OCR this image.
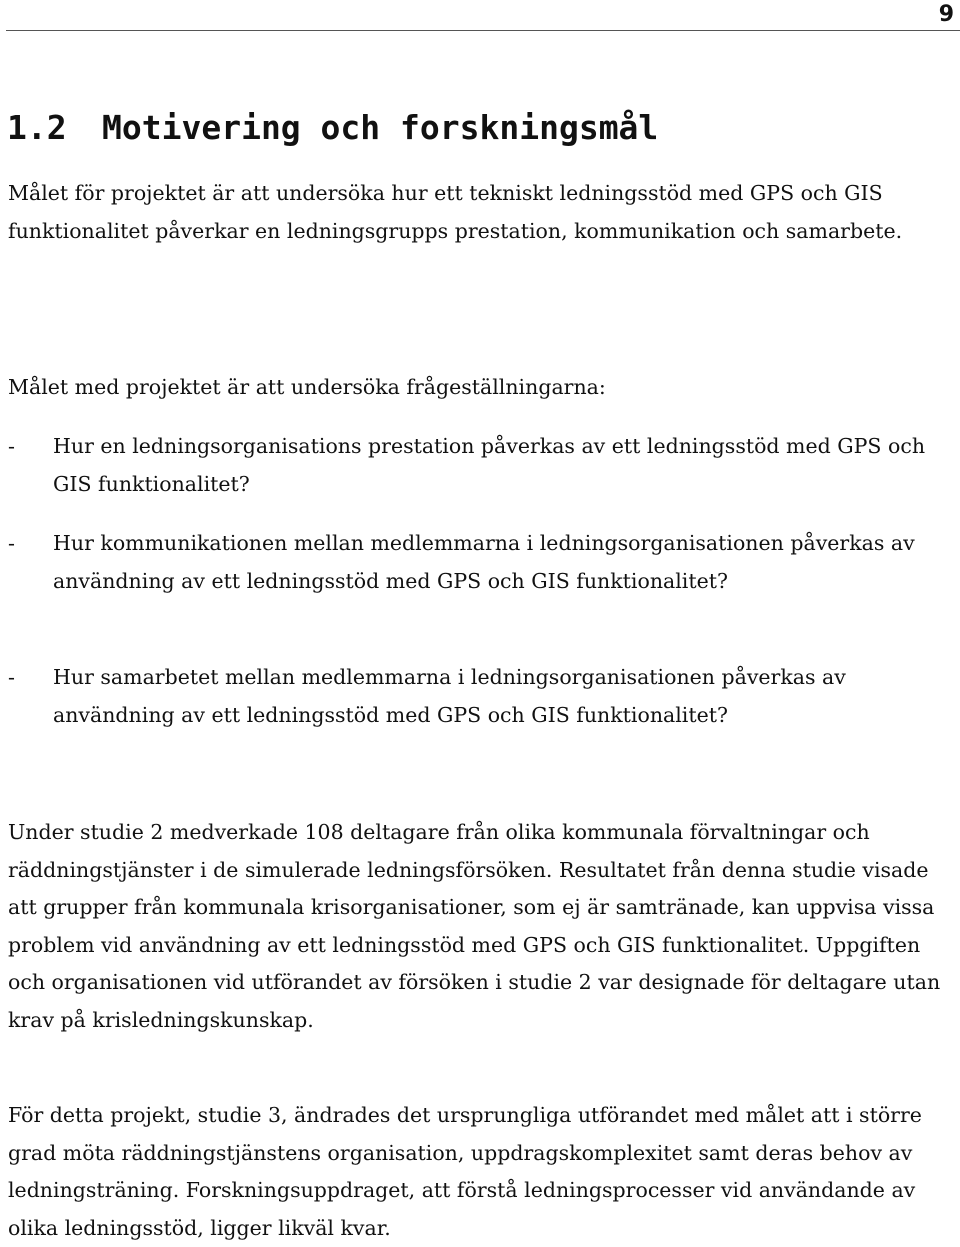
9
1.2 Motivering och forskningsmål

Målet för projektet är att undersöka hur ett tekniskt ledningsstöd med GPS och GIS funktionalitet påverkar en ledningsgrupps prestation, kommunikation och samarbete.

Målet med projektet är att undersöka frågeställningarna:

- Hur en ledningsorganisations prestation påverkas av ett ledningsstöd med GPS och GIS funktionalitet?
- Hur kommunikationen mellan medlemmarna i ledningsorganisationen påverkas av användning av ett ledningsstöd med GPS och GIS funktionalitet?
- Hur samarbetet mellan medlemmarna i ledningsorganisationen påverkas av användning av ett ledningsstöd med GPS och GIS funktionalitet?

Under studie 2 medverkade 108 deltagare från olika kommunala förvaltningar och räddningstjänster i de simulerade ledningsförsöken. Resultatet från denna studie visade att grupper från kommunala krisorganisationer, som ej är samtränade, kan uppvisa vissa problem vid användning av ett ledningsstöd med GPS och GIS funktionalitet. Uppgiften och organisationen vid utförandet av försöken i studie 2 var designade för deltagare utan krav på krisledningskunskap.

För detta projekt, studie 3, ändrades det ursprungliga utförandet med målet att i större grad möta räddningstjänstens organisation, uppdragskomplexitet samt deras behov av ledningsträning. Forskningsuppdraget, att förstå ledningsprocesser vid användande av olika ledningsstöd, ligger likväl kvar.
